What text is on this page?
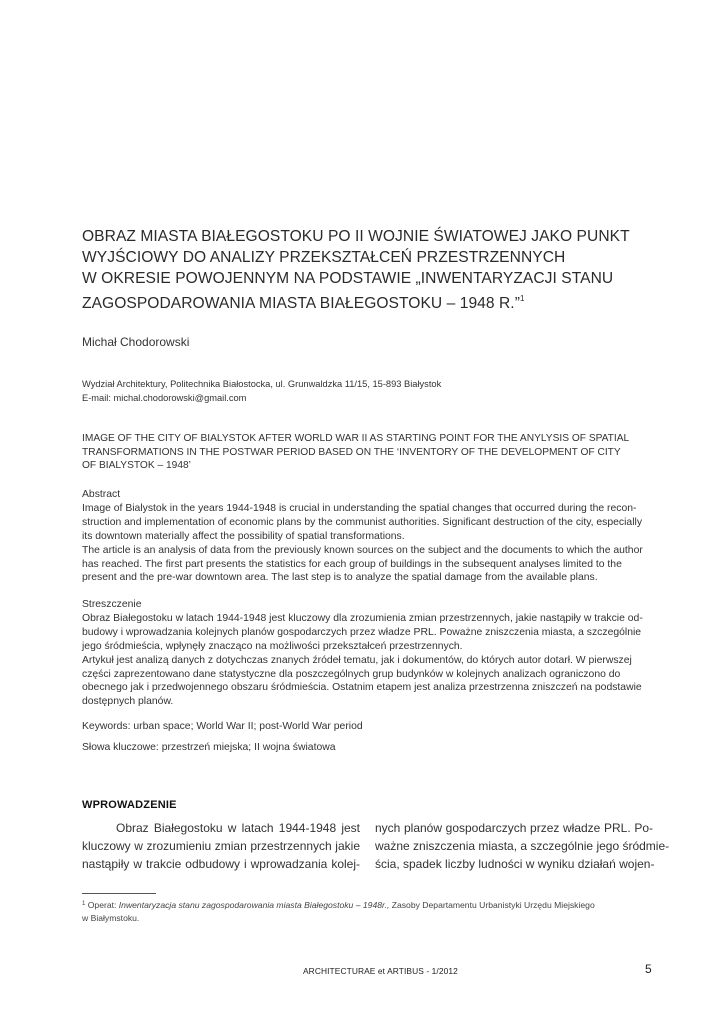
OBRAZ MIASTA BIAŁEGOSTOKU PO II WOJNIE ŚWIATOWEJ JAKO PUNKT
WYJŚCIOWY DO ANALIZY PRZEKSZTAŁCEŃ PRZESTRZENNYCH
W OKRESIE POWOJENNYM NA PODSTAWIE „INWENTARYZACJI STANU
ZAGOSPODAROWANIA MIASTA BIAŁEGOSTOKU – 1948 R.”$^1$

Michał Chodorowski

Wydział Architektury, Politechnika Białostocka, ul. Grunwaldzka 11/15, 15-893 Białystok
E-mail: michal.chodorowski@gmail.com
IMAGE OF THE CITY OF BIALYSTOK AFTER WORLD WAR II AS STARTING POINT FOR THE ANYLYSIS OF SPATIAL
TRANSFORMATIONS IN THE POSTWAR PERIOD BASED ON THE ‘INVENTORY OF THE DEVELOPMENT OF CITY
OF BIALYSTOK – 1948’

Abstract

Image of Bialystok in the years 1944-1948 is crucial in understanding the spatial changes that occurred during the recon-

struction and implementation of economic plans by the communist authorities. Significant destruction of the city, especially

its downtown materially affect the possibility of spatial transformations.

The article is an analysis of data from the previously known sources on the subject and the documents to which the author

has reached. The first part presents the statistics for each group of buildings in the subsequent analyses limited to the

present and the pre-war downtown area. The last step is to analyze the spatial damage from the available plans.

Streszczenie

Obraz Białegostoku w latach 1944-1948 jest kluczowy dla zrozumienia zmian przestrzennych, jakie nastąpiły w trakcie od-

budowy i wprowadzania kolejnych planów gospodarczych przez władze PRL. Poważne zniszczenia miasta, a szczególnie

jego śródmieścia, wpłynęły znacząco na możliwości przekształceń przestrzennych.

Artykuł jest analizą danych z dotychczas znanych źródeł tematu, jak i dokumentów, do których autor dotarł. W pierwszej

części zaprezentowano dane statystyczne dla poszczególnych grup budynków w kolejnych analizach ograniczono do

obecnego jak i przedwojennego obszaru śródmieścia. Ostatnim etapem jest analiza przestrzenna zniszczeń na podstawie

dostępnych planów.

Keywords: urban space; World War II; post-World War period

Słowa kluczowe: przestrzeń miejska; II wojna światowa

WPROWADZENIE
Obraz Białegostoku w latach 1944-1948 jest
kluczowy w zrozumieniu zmian przestrzennych jakie
nastąpiły w trakcie odbudowy i wprowadzania kolej-
nych planów gospodarczych przez władze PRL. Po-
ważne zniszczenia miasta, a szczególnie jego śródmie-
ścia, spadek liczby ludności w wyniku działań wojen-

$^1$ Operat: Inwentaryzacja stanu zagospodarowania miasta Białegostoku – 1948r., Zasoby Departamentu Urbanistyki Urzędu Miejskiego
w Białymstoku.

ARCHITECTURAE et ARTIBUS - 1/2012	5
